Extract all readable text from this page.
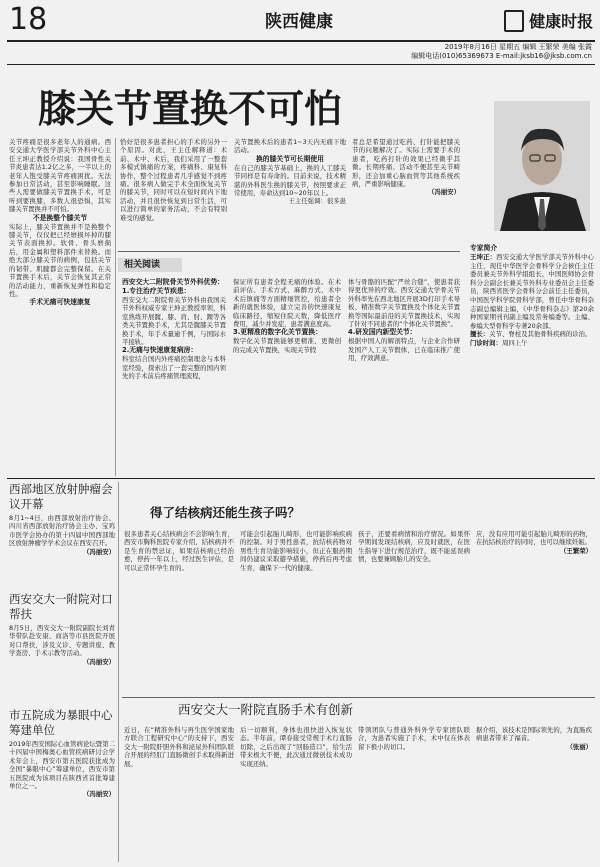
18	陕西健康	健康时报
2019年8月16日 星期五 编辑 王繁荣 美编 张霞
编辑电话(010)65369673 E-mail:jksb16@jksb.com.cn
膝关节置换不可怕
关节疼痛是很多老年人的通病。西安交通大学医学部关节外科中心主任王坤正教授介绍说：我国骨性关节炎患者达1.2亿之多，一半以上的老年人饱受膝关节疼痛困扰。无法参加日常活动，甚至影响睡眠。这些人需要做膝关节置换手术，可是听到要换膝，多数人很恐惧，其实膝关节置换并不可怕。
不是换整个膝关节
实际上，膝关节置换并不是换整个膝关节，仅仅把已经磨损坏掉的膝关节表面换掉。软骨、骨头磨损后，用金属和塑料部件来替换。而绝大部分膝关节的病例，包括关节的韧带、肌腱都会完整保留。在关节置换手术后，关节会恢复其正常的活动能力，重新恢复弹性和稳定性。
手术无痛可快速康复
恰好是很多患者担心的手术的另外一个原因。对此，王主任解释道：术前、术中、术后，我们采用了一整套多模式镇痛的方案，疼痛科、康复科协作，整个过程患者几乎感觉不到疼痛。很多病人做完手术全面恢复关节的膝关节，同时可以在短时间内下地活动，并且很快恢复到日常生活，可以进行简单的家务活动，不会有特别难受的感觉。
关节置换术后的患者1~3天内无痛下地活动。
换的膝关节可长期使用
在自己的膝关节基础上，换的人工膝关节同样是有寿命的。目前来说，技术精湛的外科医生换的膝关节，按照要求正常使用，寿命达到10~20年以上。
王主任强调：很多患
者总是希望通过吃药、打针能把膝关节的问题解决了。实际上需要手术的患者，吃药打针的效果已经微乎其微。长期疼痛、活动不便甚至关节畸形，还会加重心脑血管等其他系统疾病，严重影响健康。
（冯丽安）
专家简介
王坤正：西安交通大学医学部关节外科中心主任，现任中华医学会骨科学分会候任主任委员兼关节外科学组组长，中国医师协会骨科分会副会长兼关节外科专业委员会主任委员，陕西省医学会骨科分会前任主任委员，中国医学科学院骨科学部，曾任中华骨科杂志副总编辑主编，《中华骨科杂志》第20余种国家期刊刊副主编及常务编委等。主编、参编大型骨科学专著20余部。
擅长：关节、脊柱及其他骨科疾病的诊治。
门诊时间：周四上午
相关阅读
西安交大二附院骨关节外科优势：
1.专注治疗关节疾患：
西安交大二附院骨关节外科由我国关节外科权威专家王坤正教授率领，科室熟练开展髋、膝、肩、肘、踝等各类关节置换手术，尤其是髋膝关节置换手术，年手术量逾千例，与国际水平接轨。
2.无痛与快速康复病房：
科室结合国内外疼痛控制理念与本科室经验，探索出了一套完整的国内领先的手术前后疼痛管理流程，
保证所有患者全程无痛的体验。在术前评估、手术方式、麻醉方式、术中术后镇痛等方面精细管控，给患者全新的就医体验，建立完善的快速康复临床路径，缩短住院天数，降低医疗费用，减少并发症，患者满意度高。
3.更精准的数字化关节置换：
数字化关节置换能够更精准、更微创的完成关节置换，实现关节假
体与骨骼的匹配“严丝合缝”，使患者获得更优异的疗效。西安交通大学骨关节外科率先在西北地区开展3D打印手术导板、精准数字关节置换及个体化关节置换等国际最前沿的关节置换技术，实现了针对不同患者的“个体化关节置换”。
4.研发国内新型关节：
根据中国人的解剖特点，与企业合作研发国产人工关节假体，已在临床推广使用，疗效满意。
西部地区放射肿瘤会议开幕
8月1~4日，由西部放射治疗协会、四川省西部放射治疗协会主办、宝鸡市医学会协办的第十四届中国西部地区放射肿瘤学学术会议在西安召开。
（冯丽安）
西安交大一附院对口帮扶
8月5日，西安交大一附院副院长刘青华带队赴安康、商洛等市县医院开展对口帮扶，涉及义诊、专题讲座、教学查房、手术示教等活动。
（冯丽安）
市五院成为暴眼中心筹建单位
2019年西安国际心血管病论坛暨第二十四届中国梅奥心血管疾病研讨会学术年会上，西安市第五医院获批成为全国“暴眼中心”筹建单位，西安市第五医院成为该项目在陕西省首批筹建单位之一。
（冯丽安）
得了结核病还能生孩子吗？
很多患者关心结核病会不会影响生育，西安市胸科医院专家介绍，结核病并不是生育的禁忌证，如果结核病已经治愈，停药一年以上，经过医生评估，是可以正常怀孕生育的。
可能会引起胎儿畸形，也可能影响疾病的控制。对于男性患者，抗结核药物对男性生育功能影响较小，但正在服药期间仍建议采取避孕措施，停药后再考虑生育，确保下一代的健康。
孩子，还要看病情和治疗情况。如果怀孕期间发现结核病，应及时就医，在医生指导下进行规范治疗，既不能延误病情，也要兼顾胎儿的安全。
应，没有应用可能引起胎儿畸形的药物，在抗结核治疗的同时，也可以继续妊娠。
（王繁荣）
西安交大一附院直肠手术有创新
近日，在“精准外科与再生医学国家地方联合工程研究中心”的支持下，西安交大一附院肝胆外科和泌尿外科团队联合开展的经肛门直肠微创手术取得新进展。
后一切顺利，身体也很快进入恢复状态。半年前，谭春接受常规手术行直肠切除，之后出现了“回肠造口”，给生活带来极大不便，此次通过微创技术成功实现还纳。
带领团队与普通外科外学专家团队联合，为患者实施了手术，术中仅在体表留下极小的切口。
据介绍，该技术是国际领先的，为直肠疾病患者带来了福音。
（张丽）
